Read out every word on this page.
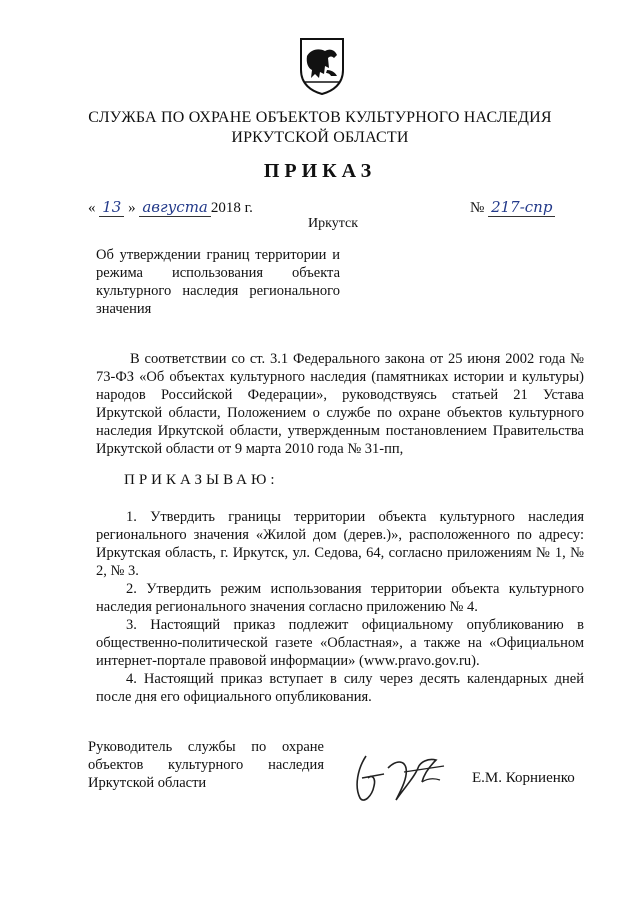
СЛУЖБА ПО ОХРАНЕ ОБЪЕКТОВ КУЛЬТУРНОГО НАСЛЕДИЯ
ИРКУТСКОЙ ОБЛАСТИ
ПРИКАЗ
« 13 » августа 2018 г.	№ 217-спр
Иркутск
Об утверждении границ территории и режима использования объекта культурного наследия регионального значения
В соответствии со ст. 3.1 Федерального закона от 25 июня 2002 года № 73-ФЗ «Об объектах культурного наследия (памятниках истории и культуры) народов Российской Федерации», руководствуясь статьей 21 Устава Иркутской области, Положением о службе по охране объектов культурного наследия Иркутской области, утвержденным постановлением Правительства Иркутской области от 9 марта 2010 года № 31-пп,
ПРИКАЗЫВАЮ:

1. Утвердить границы территории объекта культурного наследия регионального значения «Жилой дом (дерев.)», расположенного по адресу: Иркутская область, г. Иркутск, ул. Седова, 64, согласно приложениям № 1, № 2, № 3.

2. Утвердить режим использования территории объекта культурного наследия регионального значения согласно приложению № 4.

3. Настоящий приказ подлежит официальному опубликованию в общественно-политической газете «Областная», а также на «Официальном интернет-портале правовой информации» (www.pravo.gov.ru).

4. Настоящий приказ вступает в силу через десять календарных дней после дня его официального опубликования.

Руководитель службы по охране объектов культурного наследия Иркутской области	Е.М. Корниенко
